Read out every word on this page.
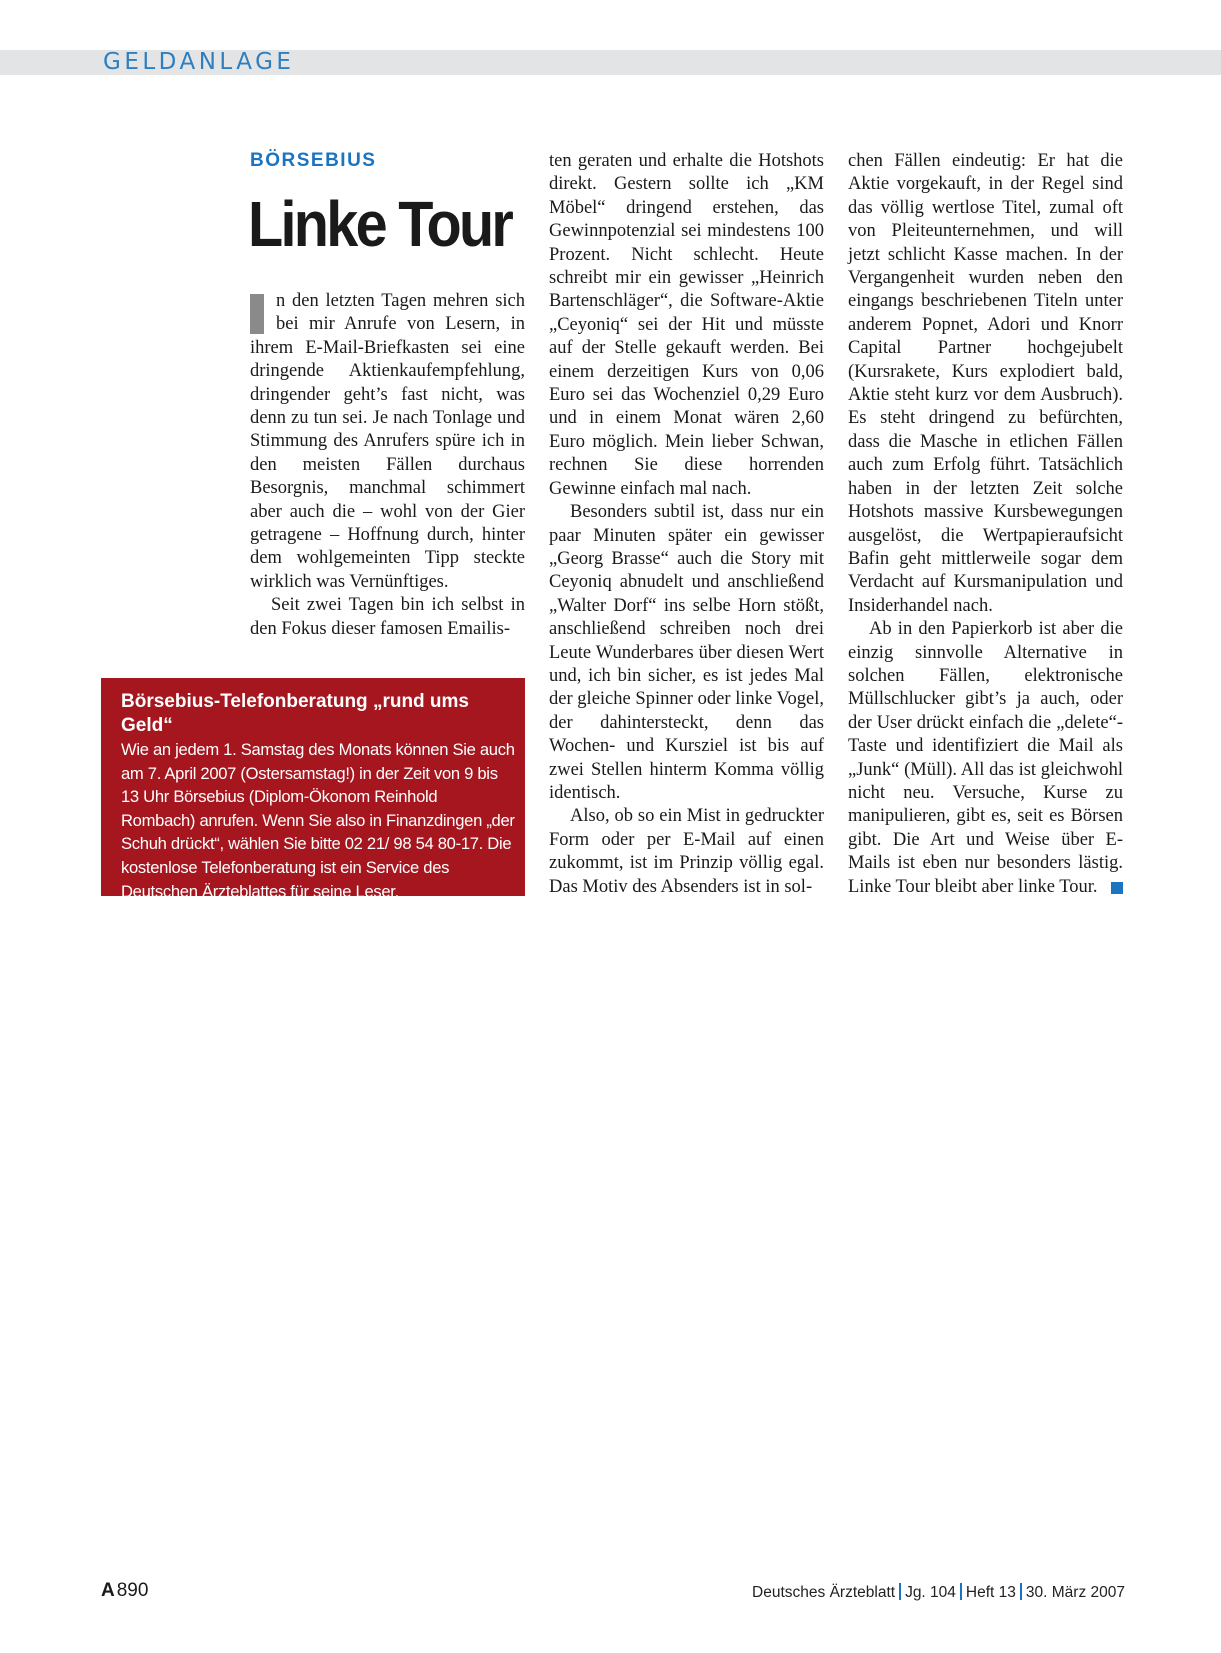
GELDANLAGE
BÖRSEBIUS
Linke Tour

n den letzten Tagen mehren sich bei mir Anrufe von Lesern, in ihrem E-Mail-Briefkasten sei eine dringende Aktienkaufempfehlung, dringender geht’s fast nicht, was denn zu tun sei. Je nach Tonlage und Stimmung des Anrufers spüre ich in den meisten Fällen durchaus Besorgnis, manchmal schimmert aber auch die – wohl von der Gier getragene – Hoffnung durch, hinter dem wohlgemeinten Tipp steckte wirklich was Vernünftiges.

Seit zwei Tagen bin ich selbst in den Fokus dieser famosen Emailis-

ten geraten und erhalte die Hotshots direkt. Gestern sollte ich „KM Möbel“ dringend erstehen, das Gewinnpotenzial sei mindestens 100 Prozent. Nicht schlecht. Heute schreibt mir ein gewisser „Heinrich Bartenschläger“, die Software-Aktie „Ceyoniq“ sei der Hit und müsste auf der Stelle gekauft werden. Bei einem derzeitigen Kurs von 0,06 Euro sei das Wochenziel 0,29 Euro und in einem Monat wären 2,60 Euro möglich. Mein lieber Schwan, rechnen Sie diese horrenden Gewinne einfach mal nach.

Besonders subtil ist, dass nur ein paar Minuten später ein gewisser „Georg Brasse“ auch die Story mit Ceyoniq abnudelt und anschließend „Walter Dorf“ ins selbe Horn stößt, anschließend schreiben noch drei Leute Wunderbares über diesen Wert und, ich bin sicher, es ist jedes Mal der gleiche Spinner oder linke Vogel, der dahintersteckt, denn das Wochen- und Kursziel ist bis auf zwei Stellen hinterm Komma völlig identisch.

Also, ob so ein Mist in gedruckter Form oder per E-Mail auf einen zukommt, ist im Prinzip völlig egal. Das Motiv des Absenders ist in sol-

chen Fällen eindeutig: Er hat die Aktie vorgekauft, in der Regel sind das völlig wertlose Titel, zumal oft von Pleiteunternehmen, und will jetzt schlicht Kasse machen. In der Vergangenheit wurden neben den eingangs beschriebenen Titeln unter anderem Popnet, Adori und Knorr Capital Partner hochgejubelt (Kursrakete, Kurs explodiert bald, Aktie steht kurz vor dem Ausbruch). Es steht dringend zu befürchten, dass die Masche in etlichen Fällen auch zum Erfolg führt. Tatsächlich haben in der letzten Zeit solche Hotshots massive Kursbewegungen ausgelöst, die Wertpapieraufsicht Bafin geht mittlerweile sogar dem Verdacht auf Kursmanipulation und Insiderhandel nach.

Ab in den Papierkorb ist aber die einzig sinnvolle Alternative in solchen Fällen, elektronische Müllschlucker gibt’s ja auch, oder der User drückt einfach die „delete“-Taste und identifiziert die Mail als „Junk“ (Müll). All das ist gleichwohl nicht neu. Versuche, Kurse zu manipulieren, gibt es, seit es Börsen gibt. Die Art und Weise über E-Mails ist eben nur besonders lästig. Linke Tour bleibt aber linke Tour.

Börsebius-Telefonberatung „rund ums Geld“
Wie an jedem 1. Samstag des Monats können Sie auch am 7. April 2007 (Ostersamstag!) in der Zeit von 9 bis 13 Uhr Börsebius (Diplom-Ökonom Reinhold Rombach) anrufen. Wenn Sie also in Finanzdingen „der Schuh drückt“, wählen Sie bitte 02 21/ 98 54 80-17. Die kostenlose Telefonberatung ist ein Service des Deutschen Ärzteblattes für seine Leser.
A 890	Deutsches Ärzteblatt Jg. 104 Heft 13 30. März 2007
